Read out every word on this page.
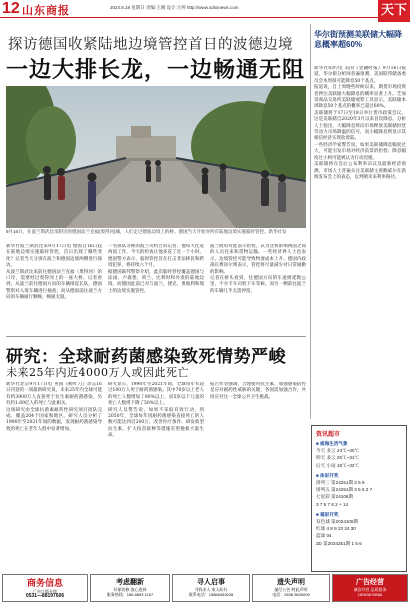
12 山东商报	2024.8.18 星期日 责编:王刚 设计:王婷 http://www.sdsxnews.com	天下
探访德国收紧陆地边境管控首日的波德边境
一边大排长龙，一边畅通无阻
9月16日，在波兰斯武比采附近的德国法兰克福(奥得河)城，人们走过德波边境上的桥。德国当天开始对所有陆地边境实施临时管控。新华社发

新华社波兰斯武比采9月17日电 德国自16日起在陆地边境实施临时管控，首日出现了哪些变化？记者当天分别在波兰和德国边境两侧进行探访。

从波兰斯武比采前往德国法兰克福（奥得河）的口岸，需要经过奥得河上的一座大桥。记者看到，从波兰前往德国方向的车辆排起长队，德国警察对入境车辆进行抽查；而从德国前往波兰方向的车辆通行顺畅，畅通无阻。

一名排队等候的波兰司机告诉记者，他每天往返两国工作，今天的检查让他多花了近一个小时。德国警方表示，临时管控旨在打击非法移民和跨境犯罪，将持续六个月。

据德国联邦警察介绍，此次临时管控覆盖德国与法国、卢森堡、荷兰、比利时和丹麦的陆地边境，而德国此前已对与波兰、捷克、奥地利和瑞士的边境实施管控。

波兰政府对此表示担忧，认为这将影响两国之间的人员往来和货物运输。一些经济界人士也表示，边境管控可能导致物流成本上升。德国内政部长费泽尔则表示，管控将尽量减少对日常通勤的影响。

记者在桥头看到，往德国方向的车流绵延数公里，不少卡车司机下车等候。而另一侧前往波兰的车辆几乎无需停留。

华尔街预测美联储大幅降息概率超60%

新华社纽约电 美国《金融时报》9月16日报道，华尔街分析师普遍预测，美国联邦储备委员会本周很可能降息50个基点。

报道说，自上周晚些时候以来，期货市场投资者押注美联储大幅降息的概率显著上升。芝加哥商品交易所美联储观察工具显示，美联储本周降息50个基点的概率已超过60%。

美联储将于17日至18日举行货币政策会议。这是美联储自2020年3月以来首次降息。分析人士指出，大幅降息将向市场释放美联储担忧劳动力市场降温的信号，而小幅降息则显示其相信经济实现软着陆。

一些经济学家警告说，如果美联储降息幅度过大，可能引发市场对经济前景的担忧；降息幅度过小则可能被认为行动迟缓。

美联储将在会后公布利率决议及最新经济预测。市场人士普遍关注美联储主席鲍威尔在新闻发布会上的表态，以判断未来利率路径。

研究：全球耐药菌感染致死情势严峻
未来25年内近4000万人或因此死亡

新华社北京9月17日电 英国《柳叶刀》杂志16日刊登的一项最新研究说，未来25年内全球可能有约3900万人直接死于抗生素耐药菌感染，另有约1.69亿人的死亡与此相关。

这项研究由全球抗菌素耐药性研究项目团队完成，覆盖204个国家和地区。研究人员分析了1990年至2021年间的数据，发现耐药菌感染导致的死亡在老年人群中显著增加。

研究显示，1990年至2021年间，全球每年有超过100万人死于耐药菌感染。其中70岁以上老人的死亡人数增加了80%以上，而5岁以下儿童的死亡人数则下降了50%以上。

研究人员警告说，如果不采取有效行动，到2050年，全球每年因耐药菌感染直接死亡的人数可能达到近200万。改善医疗条件、研发新型抗生素、扩大疫苗接种等措施有望挽救大量生命。

报告作者强调，合理使用抗生素、加强感染防控是应对耐药性威胁的关键，各国需加强合作，共同应对这一全球公共卫生挑战。

资讯超市
■ 威海生活气象
今天 多云 23℃~30℃
明天 多云 25℃~31℃
后天 小雨 18℃~32℃
■ 体彩开奖
排列三 第24251期 3 5 6
排列五 第24251期 3 5 6 2 7
七星彩 第24106期
3 7 5 7 6 2 + 14
■ 福彩开奖
双色球 第2024108期
红球 4 8 9 23 24 30
蓝球 04
3D 第2024251期 1 5 6
商务信息
广告订版专线
0531—88197606
考虑翻新
环保装修 放心选择
服务热线：186 6893 1167
寻人启事
寻找亲人 家人盼归
联系电话：15866453028
遗失声明
编号公告 特此声明
电话：0536 5605009
广告经营
诚信经营 品质服务
18053678968
